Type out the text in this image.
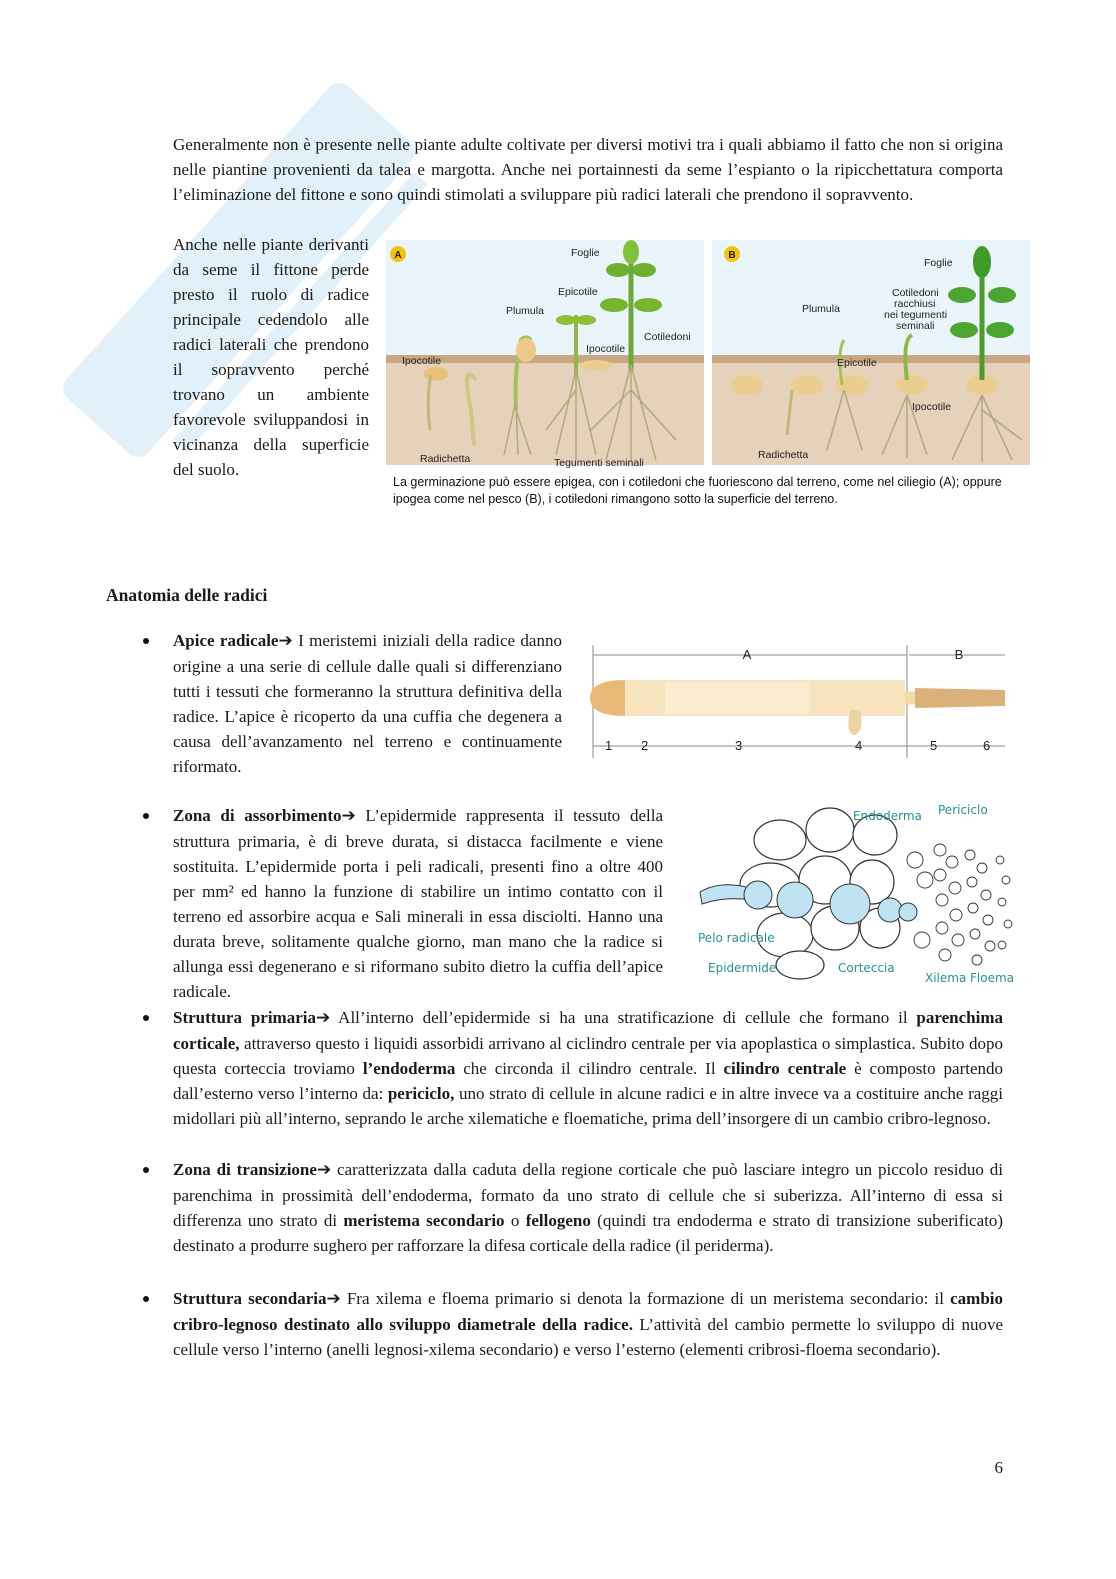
Generalmente non è presente nelle piante adulte coltivate per diversi motivi tra i quali abbiamo il fatto che non si origina nelle piantine provenienti da talea e margotta. Anche nei portainnesti da seme l’espianto o la ripicchettatura comporta l’eliminazione del fittone e sono quindi stimolati a sviluppare più radici laterali che prendono il sopravvento.

Anche nelle piante derivanti da seme il fittone perde presto il ruolo di radice principale cedendolo alle radici laterali che prendono il sopravvento perché trovano un ambiente favorevole sviluppandosi in vicinanza della superficie del suolo.

A	Foglie
Epicotile
Plumula
Cotiledoni
Ipocotile
Ipocotile
Radichetta	Tegumenti seminali
B
Foglie
Cotiledoni
racchiusi
nei tegumenti
seminali
Plumula
Epicotile
Ipocotile
Radichetta
La germinazione può essere epigea, con i cotiledoni che fuoriescono dal terreno, come nel ciliegio (A); oppure ipogea come nel pesco (B), i cotiledoni rimangono sotto la superficie del terreno.
Anatomia delle radici
A	B
1 2	3	4	5	6
Endoderma Periciclo
Pelo radicale
Epidermide	Corteccia
Xilema Floema

Apice radicale➔ I meristemi iniziali della radice danno origine a una serie di cellule dalle quali si differenziano tutti i tessuti che formeranno la struttura definitiva della radice. L’apice è ricoperto da una cuffia che degenera a causa dell’avanzamento nel terreno e continuamente riformato.

Zona di assorbimento➔ L’epidermide rappresenta il tessuto della struttura primaria, è di breve durata, si distacca facilmente e viene sostituita. L’epidermide porta i peli radicali, presenti fino a oltre 400 per mm² ed hanno la funzione di stabilire un intimo contatto con il terreno ed assorbire acqua e Sali minerali in essa disciolti. Hanno una durata breve, solitamente qualche giorno, man mano che la radice si allunga essi degenerano e si riformano subito dietro la cuffia dell’apice radicale.

Struttura primaria➔ All’interno dell’epidermide si ha una stratificazione di cellule che formano il parenchima corticale, attraverso questo i liquidi assorbidi arrivano al ciclindro centrale per via apoplastica o simplastica. Subito dopo questa corteccia troviamo l’endoderma che circonda il cilindro centrale. Il cilindro centrale è composto partendo dall’esterno verso l’interno da: periciclo, uno strato di cellule in alcune radici e in altre invece va a costituire anche raggi midollari più all’interno, seprando le arche xilematiche e floematiche, prima dell’insorgere di un cambio cribro-legnoso.

Zona di transizione➔ caratterizzata dalla caduta della regione corticale che può lasciare integro un piccolo residuo di parenchima in prossimità dell’endoderma, formato da uno strato di cellule che si suberizza. All’interno di essa si differenza uno strato di meristema secondario o fellogeno (quindi tra endoderma e strato di transizione suberificato) destinato a produrre sughero per rafforzare la difesa corticale della radice (il periderma).

Struttura secondaria➔ Fra xilema e floema primario si denota la formazione di un meristema secondario: il cambio cribro-legnoso destinato allo sviluppo diametrale della radice. L’attività del cambio permette lo sviluppo di nuove cellule verso l’interno (anelli legnosi-xilema secondario) e verso l’esterno (elementi cribrosi-floema secondario).

6
